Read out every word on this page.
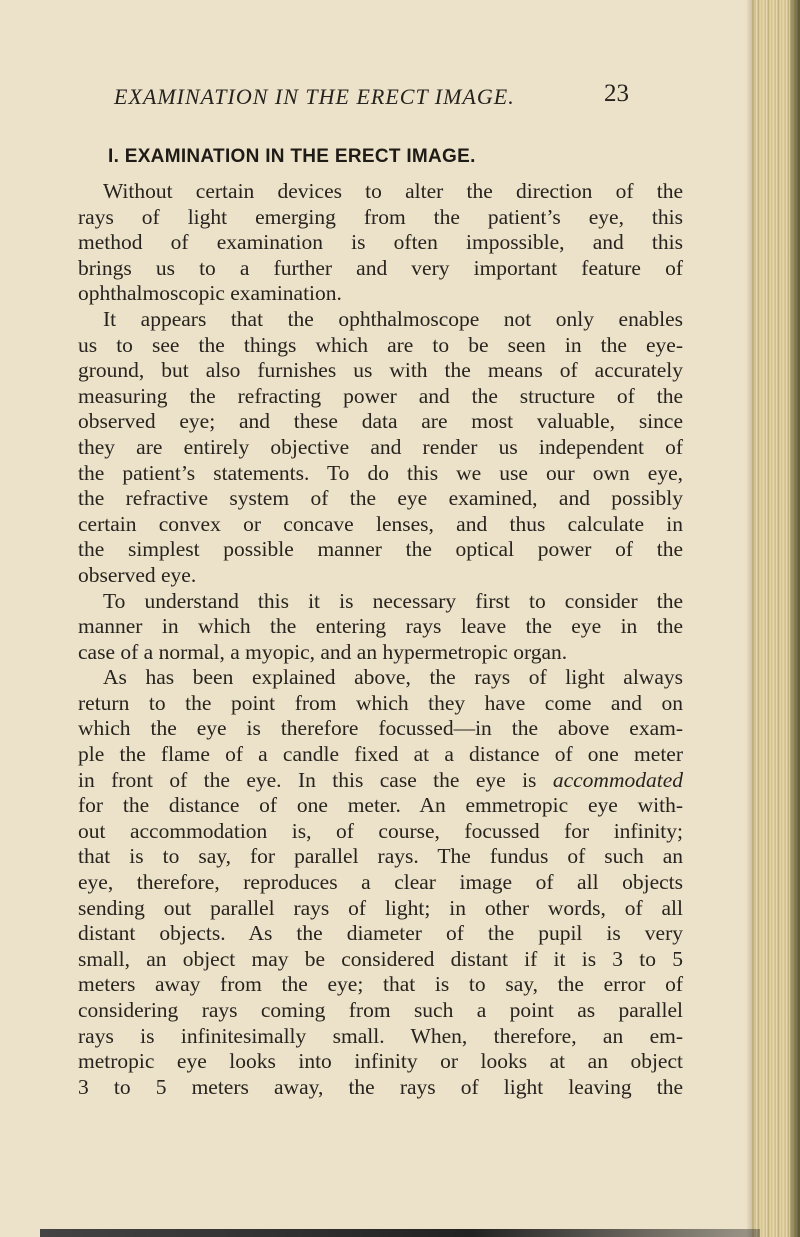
EXAMINATION IN THE ERECT IMAGE.	23
I. EXAMINATION IN THE ERECT IMAGE.
Without certain devices to alter the direction of the
rays of light emerging from the patient’s eye, this
method of examination is often impossible, and this
brings us to a further and very important feature of
ophthalmoscopic examination.
It appears that the ophthalmoscope not only enables
us to see the things which are to be seen in the eye-
ground, but also furnishes us with the means of accurately
measuring the refracting power and the structure of the
observed eye; and these data are most valuable, since
they are entirely objective and render us independent of
the patient’s statements. To do this we use our own eye,
the refractive system of the eye examined, and possibly
certain convex or concave lenses, and thus calculate in
the simplest possible manner the optical power of the
observed eye.
To understand this it is necessary first to consider the
manner in which the entering rays leave the eye in the
case of a normal, a myopic, and an hypermetropic organ.
As has been explained above, the rays of light always
return to the point from which they have come and on
which the eye is therefore focussed—in the above exam-
ple the flame of a candle fixed at a distance of one meter
in front of the eye. In this case the eye is accommodated
for the distance of one meter. An emmetropic eye with-
out accommodation is, of course, focussed for infinity;
that is to say, for parallel rays. The fundus of such an
eye, therefore, reproduces a clear image of all objects
sending out parallel rays of light; in other words, of all
distant objects. As the diameter of the pupil is very
small, an object may be considered distant if it is 3 to 5
meters away from the eye; that is to say, the error of
considering rays coming from such a point as parallel
rays is infinitesimally small. When, therefore, an em-
metropic eye looks into infinity or looks at an object
3 to 5 meters away, the rays of light leaving the
